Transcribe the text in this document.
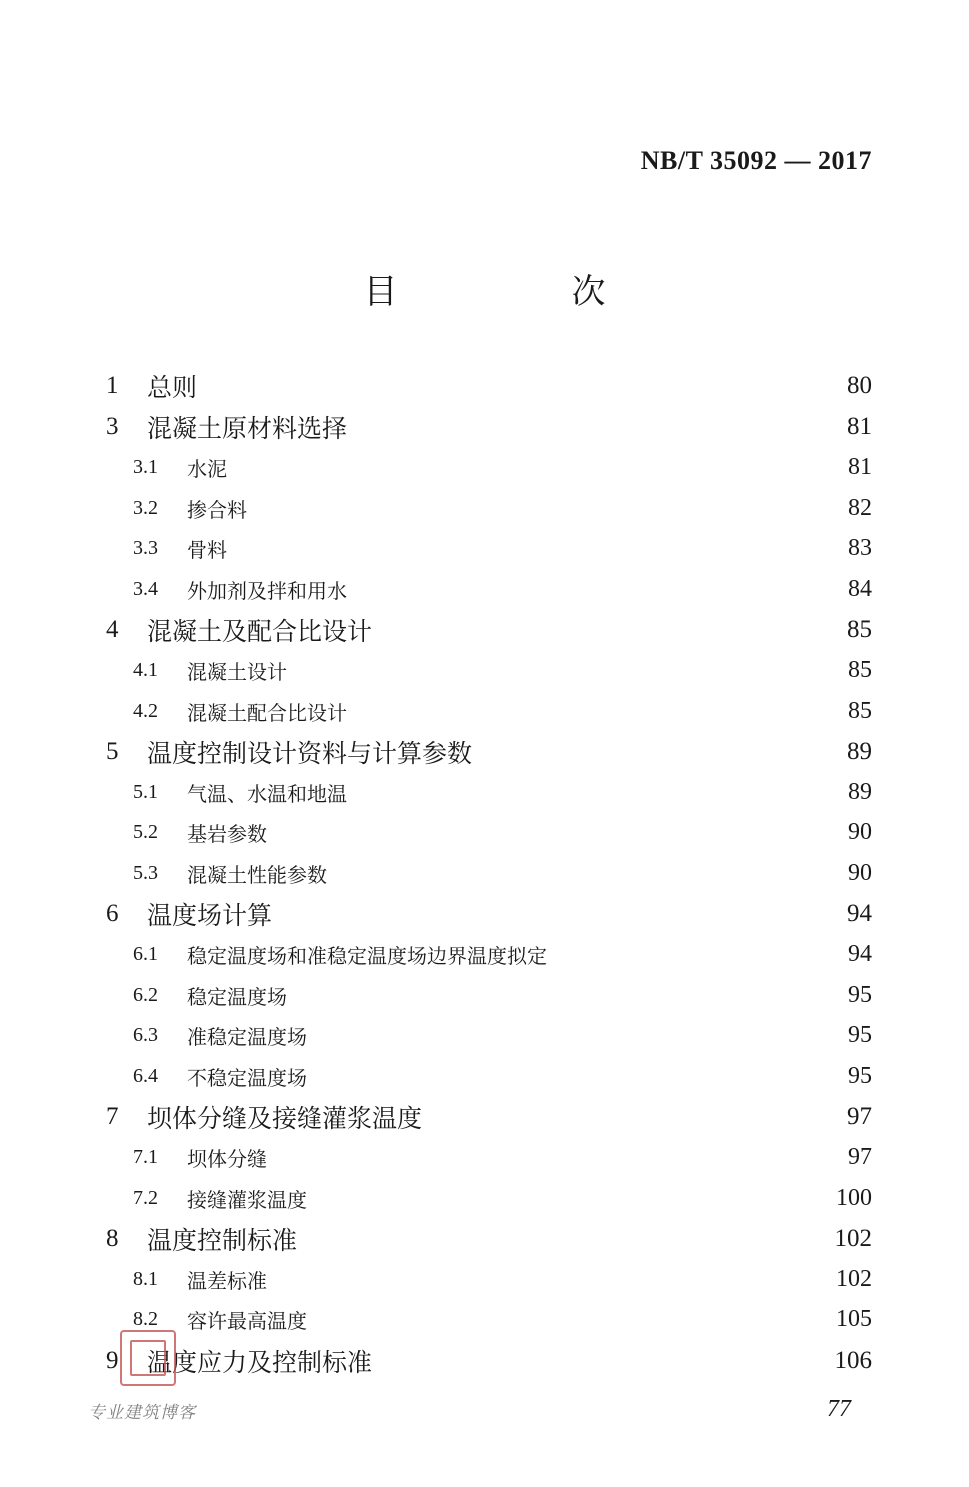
NB/T 35092 — 2017
目　次
1	总则	80
3	混凝土原材料选择	81
3.1	水泥	81
3.2	掺合料	82
3.3	骨料	83
3.4	外加剂及拌和用水	84
4	混凝土及配合比设计	85
4.1	混凝土设计	85
4.2	混凝土配合比设计	85
5	温度控制设计资料与计算参数	89
5.1	气温、水温和地温	89
5.2	基岩参数	90
5.3	混凝土性能参数	90
6	温度场计算	94
6.1	稳定温度场和准稳定温度场边界温度拟定	94
6.2	稳定温度场	95
6.3	准稳定温度场	95
6.4	不稳定温度场	95
7	坝体分缝及接缝灌浆温度	97
7.1	坝体分缝	97
7.2	接缝灌浆温度	100
8	温度控制标准	102
8.1	温差标准	102
8.2	容许最高温度	105
9	温度应力及控制标准	106
专业建筑博客	77
